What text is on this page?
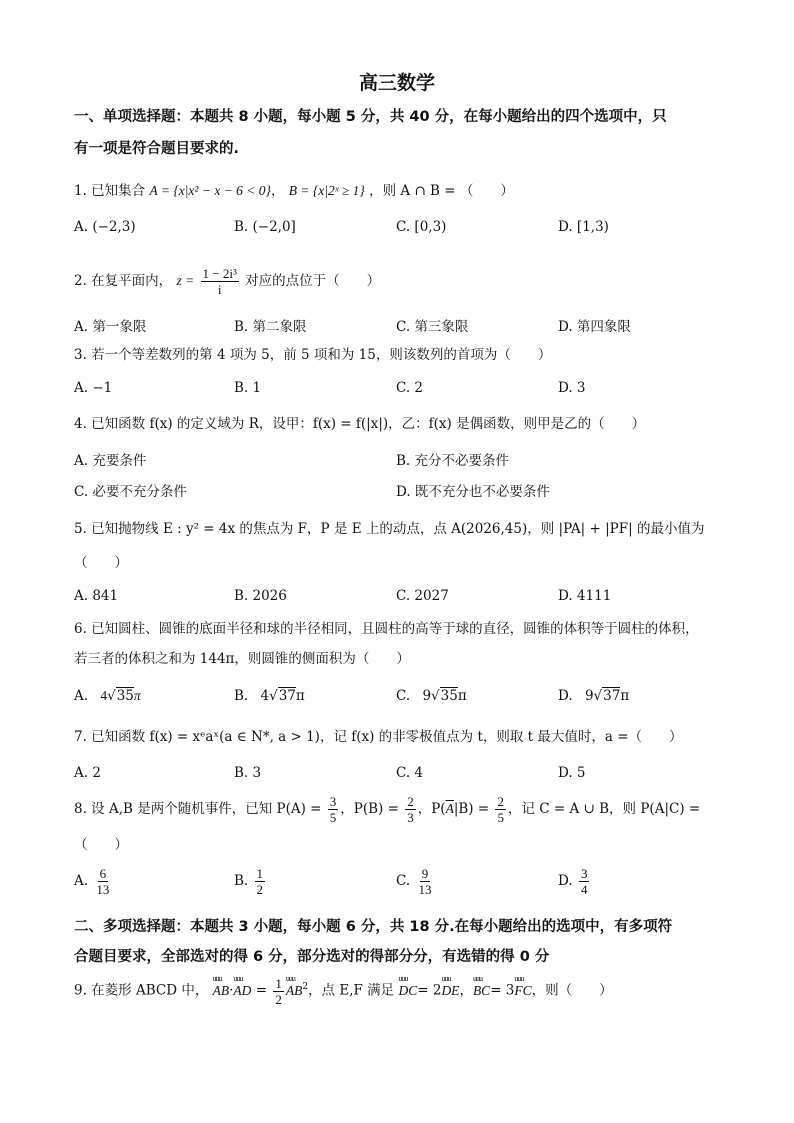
高三数学
一、单项选择题：本题共 8 小题，每小题 5 分，共 40 分，在每小题给出的四个选项中，只
有一项是符合题目要求的.
1. 已知集合 A = {x|x² − x − 6 < 0}， B = {x|2ˣ ≥ 1} ，则 A ∩ B = （　　）
A. (−2,3)	B. (−2,0]	C. [0,3)	D. [1,3)
2. 在复平面内， $z = \frac{\text{1 − 2i³}}{i}$ 对应的点位于（　　）
A. 第一象限	B. 第二象限	C. 第三象限	D. 第四象限
3. 若一个等差数列的第 4 项为 5，前 5 项和为 15，则该数列的首项为（　　）
A. −1	B. 1	C. 2	D. 3
4. 已知函数 f(x) 的定义域为 R，设甲：f(x) = f(|x|)，乙：f(x) 是偶函数，则甲是乙的（　　）
A. 充要条件	B. 充分不必要条件
C. 必要不充分条件	D. 既不充分也不必要条件
5. 已知抛物线 E : y² = 4x 的焦点为 F，P 是 E 上的动点，点 A(2026,45)，则 |PA| + |PF| 的最小值为
（　　）
A. 841	B. 2026	C. 2027	D. 4111
6. 已知圆柱、圆锥的底面半径和球的半径相同，且圆柱的高等于球的直径，圆锥的体积等于圆柱的体积，
若三者的体积之和为 144π，则圆锥的侧面积为（　　）
A. 4√35π	B. 4√37π	C. 9√35π	D. 9√37π
7. 已知函数 f(x) = xᵉaˣ(a ∈ N*, a > 1)，记 f(x) 的非零极值点为 t，则取 t 最大值时，a =（　　）
A. 2	B. 3	C. 4	D. 5
8. 设 A,B 是两个随机事件，已知 $P(A) = \frac{3}{5}$ ，$P(B) = \frac{2}{3}$ ，$P(\overline{A}|B) = \frac{2}{5}$ ，记 C = A ∪ B，则 P(A|C) =
（　　）
A. $\frac{6}{13}$	B. $\frac{1}{2}$	C. $\frac{9}{13}$	D. $\frac{3}{4}$
二、多项选择题：本题共 3 小题，每小题 6 分，共 18 分.在每小题给出的选项中，有多项符
合题目要求，全部选对的得 6 分，部分选对的得部分分，有选错的得 0 分
9. 在菱形 ABCD 中， uuu AB·uuu AD = $\frac{1}{2}$ uuu $AB^2$，点 E,F 满足 uuu DC= 2uuu DE，uuu BC= 3uuu FC，则（　　）
